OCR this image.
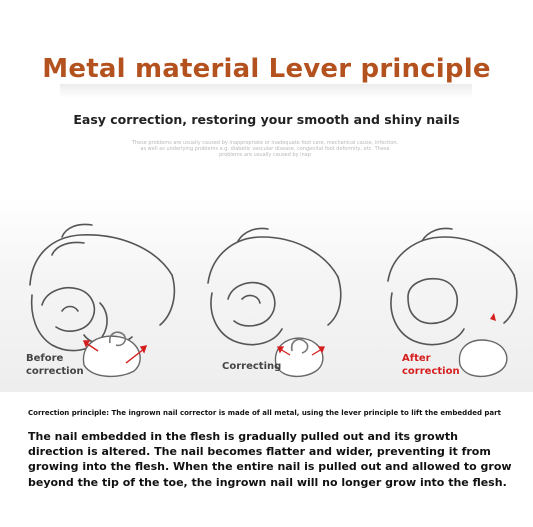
Metal material Lever principle
Easy correction, restoring your smooth and shiny nails
These problems are usually caused by inappropriate or inadequate foot care, mechanical cause, infection, as well as underlying problems e.g. diabetic vascular disease, congenital foot deformity, etc. These problems are usually caused by inap
Before
correction	Correcting
After
correction
Correction principle: The ingrown nail corrector is made of all metal, using the lever principle to lift the embedded part
The nail embedded in the flesh is gradually pulled out and its growth direction is altered. The nail becomes flatter and wider, preventing it from growing into the flesh. When the entire nail is pulled out and allowed to grow beyond the tip of the toe, the ingrown nail will no longer grow into the flesh.
